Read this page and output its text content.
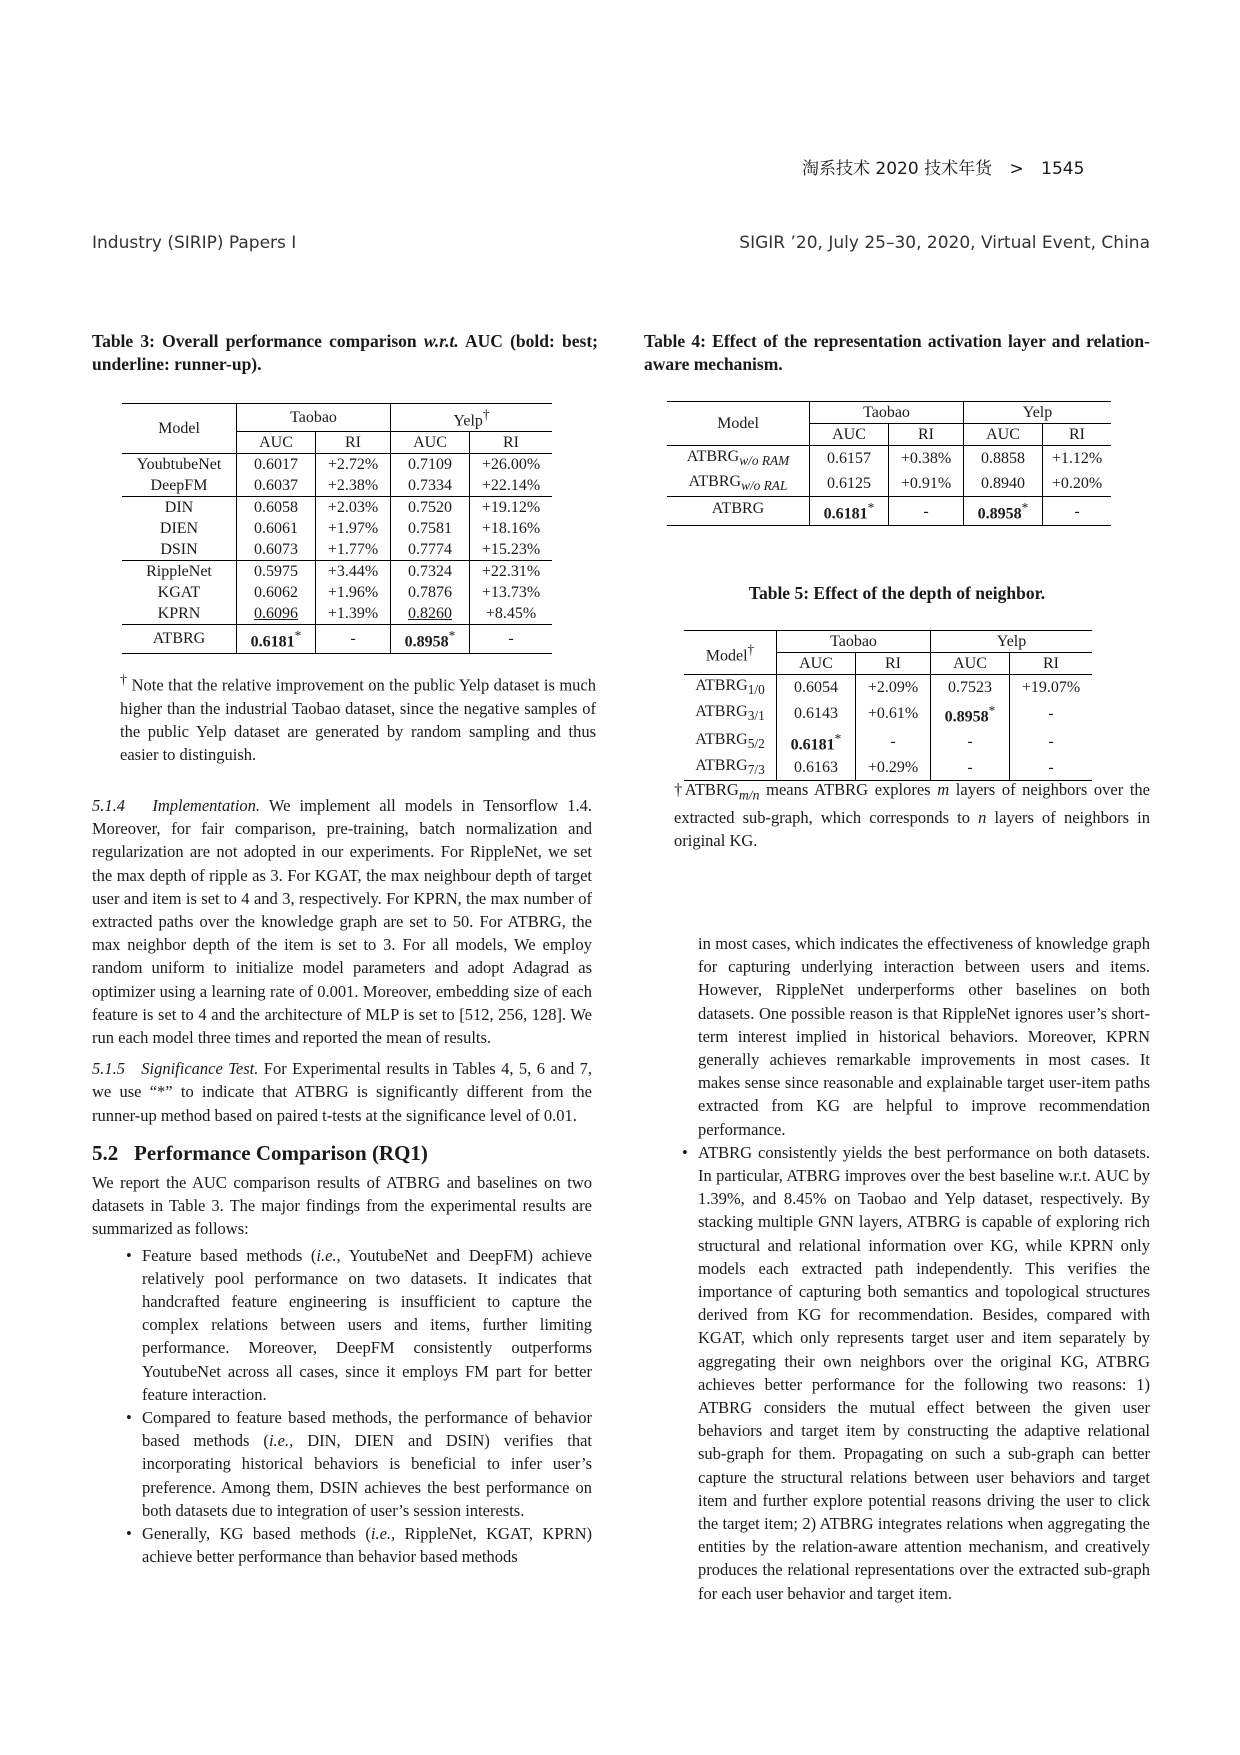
淘系技术 2020 技术年货 > 1545
Industry (SIRIP) Papers I	SIGIR ’20, July 25–30, 2020, Virtual Event, China
Table 3: Overall performance comparison w.r.t. AUC (bold: best; underline: runner-up).
Model	Taobao		Yelp†
	AUC	RI	AUC	RI
YoubtubeNet	0.6017	+2.72%	0.7109	+26.00%
DeepFM	0.6037	+2.38%	0.7334	+22.14%
DIN	0.6058	+2.03%	0.7520	+19.12%
DIEN	0.6061	+1.97%	0.7581	+18.16%
DSIN	0.6073	+1.77%	0.7774	+15.23%
RippleNet	0.5975	+3.44%	0.7324	+22.31%
KGAT	0.6062	+1.96%	0.7876	+13.73%
KPRN	0.6096	+1.39%	0.8260	+8.45%
ATBRG	0.6181*	-	0.8958*	-
† Note that the relative improvement on the public Yelp dataset is much higher than the industrial Taobao dataset, since the negative samples of the public Yelp dataset are generated by random sampling and thus easier to distinguish.

5.1.4 Implementation. We implement all models in Tensorflow 1.4. Moreover, for fair comparison, pre-training, batch normalization and regularization are not adopted in our experiments. For RippleNet, we set the max depth of ripple as 3. For KGAT, the max neighbour depth of target user and item is set to 4 and 3, respectively. For KPRN, the max number of extracted paths over the knowledge graph are set to 50. For ATBRG, the max neighbor depth of the item is set to 3. For all models, We employ random uniform to initialize model parameters and adopt Adagrad as optimizer using a learning rate of 0.001. Moreover, embedding size of each feature is set to 4 and the architecture of MLP is set to [512, 256, 128]. We run each model three times and reported the mean of results.

5.1.5 Significance Test. For Experimental results in Tables 4, 5, 6 and 7, we use “*” to indicate that ATBRG is significantly different from the runner-up method based on paired t-tests at the significance level of 0.01.

5.2 Performance Comparison (RQ1)

We report the AUC comparison results of ATBRG and baselines on two datasets in Table 3. The major findings from the experimental results are summarized as follows:

• Feature based methods (i.e., YoutubeNet and DeepFM) achieve relatively pool performance on two datasets. It indicates that handcrafted feature engineering is insufficient to capture the complex relations between users and items, further limiting performance. Moreover, DeepFM consistently outperforms YoutubeNet across all cases, since it employs FM part for better feature interaction.
• Compared to feature based methods, the performance of behavior based methods (i.e., DIN, DIEN and DSIN) verifies that incorporating historical behaviors is beneficial to infer user’s preference. Among them, DSIN achieves the best performance on both datasets due to integration of user’s session interests.
• Generally, KG based methods (i.e., RippleNet, KGAT, KPRN) achieve better performance than behavior based methods
Table 4: Effect of the representation activation layer and relation-aware mechanism.
Model	Taobao		Yelp	
	AUC	RI	AUC	RI
$ATBRG_{w/o RAM}$	0.6157	+0.38%	0.8858	+1.12%
$ATBRG_{w/o RAL}$	0.6125	+0.91%	0.8940	+0.20%
ATBRG	0.6181*	-	0.8958*	-
Table 5: Effect of the depth of neighbor.
Model†	Taobao		Yelp	
	AUC	RI	AUC	RI
$ATBRG_{1/0}$	0.6054	+2.09%	0.7523	+19.07%
$ATBRG_{3/1}$	0.6143	+0.61%	0.8958*	-
$ATBRG_{5/2}$	0.6181*	-	-	-
$ATBRG_{7/3}$	0.6163	+0.29%	-	-
$\dagger ATBRG_{m/n}$ means ATBRG explores m layers of neighbors over the extracted sub-graph, which corresponds to n layers of neighbors in original KG.

in most cases, which indicates the effectiveness of knowledge graph for capturing underlying interaction between users and items. However, RippleNet underperforms other baselines on both datasets. One possible reason is that RippleNet ignores user’s short-term interest implied in historical behaviors. Moreover, KPRN generally achieves remarkable improvements in most cases. It makes sense since reasonable and explainable target user-item paths extracted from KG are helpful to improve recommendation performance.

• ATBRG consistently yields the best performance on both datasets. In particular, ATBRG improves over the best baseline w.r.t. AUC by 1.39%, and 8.45% on Taobao and Yelp dataset, respectively. By stacking multiple GNN layers, ATBRG is capable of exploring rich structural and relational information over KG, while KPRN only models each extracted path independently. This verifies the importance of capturing both semantics and topological structures derived from KG for recommendation. Besides, compared with KGAT, which only represents target user and item separately by aggregating their own neighbors over the original KG, ATBRG achieves better performance for the following two reasons: 1) ATBRG considers the mutual effect between the given user behaviors and target item by constructing the adaptive relational sub-graph for them. Propagating on such a sub-graph can better capture the structural relations between user behaviors and target item and further explore potential reasons driving the user to click the target item; 2) ATBRG integrates relations when aggregating the entities by the relation-aware attention mechanism, and creatively produces the relational representations over the extracted sub-graph for each user behavior and target item.
